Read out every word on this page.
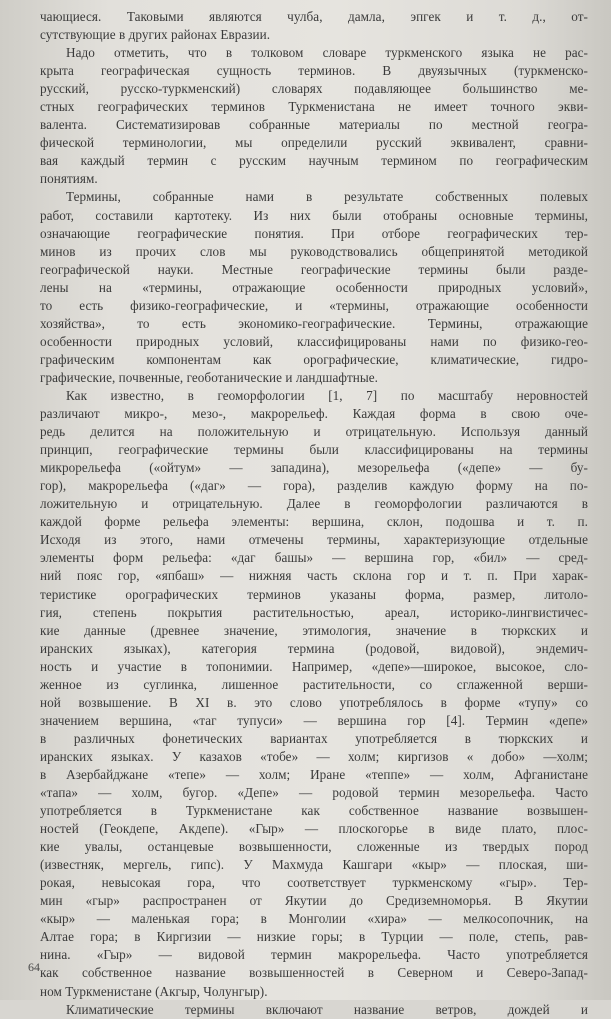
чающиеся. Таковыми являются чулба, дамла, эпгек и т. д., от-
сутствующие в других районах Евразии.
Надо отметить, что в толковом словаре туркменского языка не рас-
крыта географическая сущность терминов. В двуязычных (туркменско-
русский, русско-туркменский) словарях подавляющее большинство ме-
стных географических терминов Туркменистана не имеет точного экви-
валента. Систематизировав собранные материалы по местной геогра-
фической терминологии, мы определили русский эквивалент, сравни-
вая каждый термин с русским научным термином по географическим
понятиям.
Термины, собранные нами в результате собственных полевых
работ, составили картотеку. Из них были отобраны основные термины,
означающие географические понятия. При отборе географических тер-
минов из прочих слов мы руководствовались общепринятой методикой
географической науки. Местные географические термины были разде-
лены на «термины, отражающие особенности природных условий»,
то есть физико-географические, и «термины, отражающие особенности
хозяйства», то есть экономико-географические. Термины, отражающие
особенности природных условий, классифицированы нами по физико-гео-
графическим компонентам как орографические, климатические, гидро-
графические, почвенные, геоботанические и ландшафтные.
Как известно, в геоморфологии [1, 7] по масштабу неровностей
различают микро-, мезо-, макрорельеф. Каждая форма в свою оче-
редь делится на положительную и отрицательную. Используя данный
принцип, географические термины были классифицированы на термины
микрорельефа («ойтум» — западина), мезорельефа («депе» — бу-
гор), макрорельефа («даг» — гора), разделив каждую форму на по-
ложительную и отрицательную. Далее в геоморфологии различаются в
каждой форме рельефа элементы: вершина, склон, подошва и т. п.
Исходя из этого, нами отмечены термины, характеризующие отдельные
элементы форм рельефа: «даг башы» — вершина гор, «бил» — сред-
ний пояс гор, «япбаш» — нижняя часть склона гор и т. п. При харак-
теристике орографических терминов указаны форма, размер, литоло-
гия, степень покрытия растительностью, ареал, историко-лингвистичес-
кие данные (древнее значение, этимология, значение в тюркских и
иранских языках), категория термина (родовой, видовой), эндемич-
ность и участие в топонимии. Например, «депе»—широкое, высокое, сло-
женное из суглинка, лишенное растительности, со сглаженной верши-
ной возвышение. В XI в. это слово употреблялось в форме «тупу» со
значением вершина, «таг тупуси» — вершина гор [4]. Термин «депе»
в различных фонетических вариантах употребляется в тюркских и
иранских языках. У казахов «тобе» — холм; киргизов « добо» —холм;
в Азербайджане «тепе» — холм; Иране «теппе» — холм, Афганистане
«тапа» — холм, бугор. «Депе» — родовой термин мезорельефа. Часто
употребляется в Туркменистане как собственное название возвышен-
ностей (Геокдепе, Акдепе). «Гыр» — плоскогорье в виде плато, плос-
кие увалы, останцевые возвышенности, сложенные из твердых пород
(известняк, мергель, гипс). У Махмуда Кашгари «кыр» — плоская, ши-
рокая, невысокая гора, что соответствует туркменскому «гыр». Тер-
мин «гыр» распространен от Якутии до Средиземноморья. В Якутии
«кыр» — маленькая гора; в Монголии «хира» — мелкосопочник, на
Алтае гора; в Киргизии — низкие горы; в Турции — поле, степь, рав-
нина. «Гыр» — видовой термин макрорельефа. Часто употребляется
как собственное название возвышенностей в Северном и Северо-Запад-
ном Туркменистане (Акгыр, Чолунгыр).
Климатические термины включают название ветров, дождей и
64
